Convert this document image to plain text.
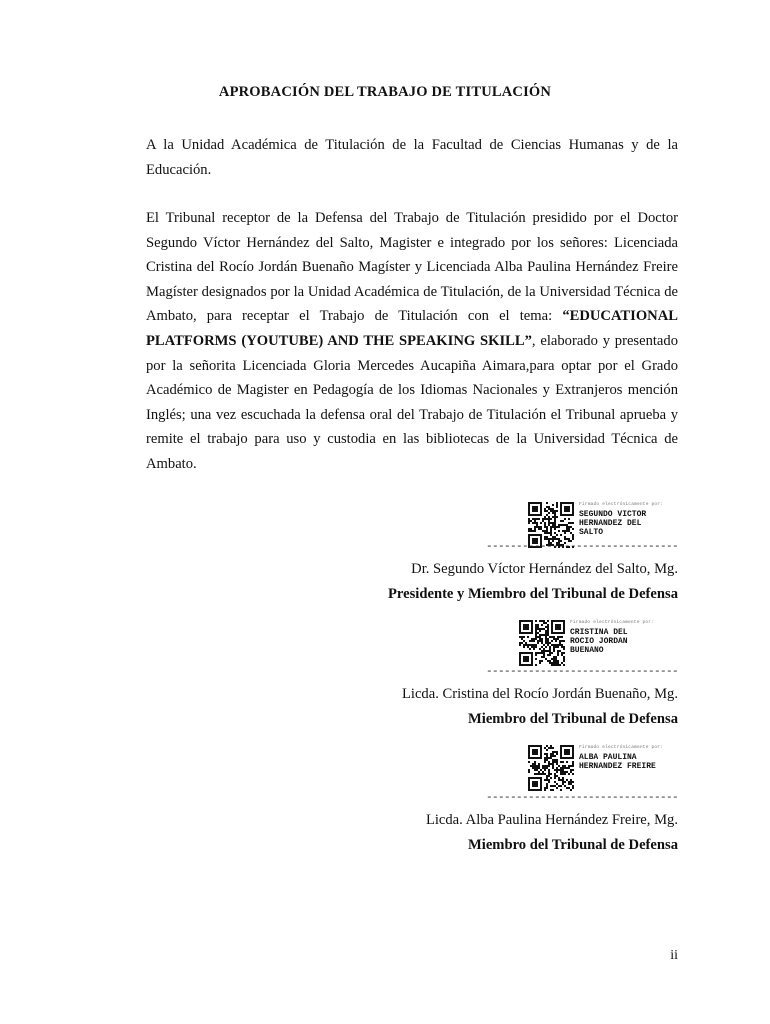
APROBACIÓN DEL TRABAJO DE TITULACIÓN

A la Unidad Académica de Titulación de la Facultad de Ciencias Humanas y de la Educación.

El Tribunal receptor de la Defensa del Trabajo de Titulación presidido por el Doctor Segundo Víctor Hernández del Salto, Magister e integrado por los señores: Licenciada Cristina del Rocío Jordán Buenaño Magíster y Licenciada Alba Paulina Hernández Freire Magíster designados por la Unidad Académica de Titulación, de la Universidad Técnica de Ambato, para receptar el Trabajo de Titulación con el tema: “EDUCATIONAL PLATFORMS (YOUTUBE) AND THE SPEAKING SKILL”, elaborado y presentado por la señorita Licenciada Gloria Mercedes Aucapiña Aimara,para optar por el Grado Académico de Magister en Pedagogía de los Idiomas Nacionales y Extranjeros mención Inglés; una vez escuchada la defensa oral del Trabajo de Titulación el Tribunal aprueba y remite el trabajo para uso y custodia en las bibliotecas de la Universidad Técnica de Ambato.

Firmado electrónicamente por:
SEGUNDO VICTOR HERNANDEZ DEL SALTO
--------------------------------
Dr. Segundo Víctor Hernández del Salto, Mg.
Presidente y Miembro del Tribunal de Defensa
Firmado electrónicamente por:
CRISTINA DEL ROCIO JORDAN BUENANO
--------------------------------
Licda. Cristina del Rocío Jordán Buenaño, Mg.
Miembro del Tribunal de Defensa
Firmado electrónicamente por:
ALBA PAULINA HERNANDEZ FREIRE
--------------------------------
Licda. Alba Paulina Hernández Freire, Mg.
Miembro del Tribunal de Defensa
ii
